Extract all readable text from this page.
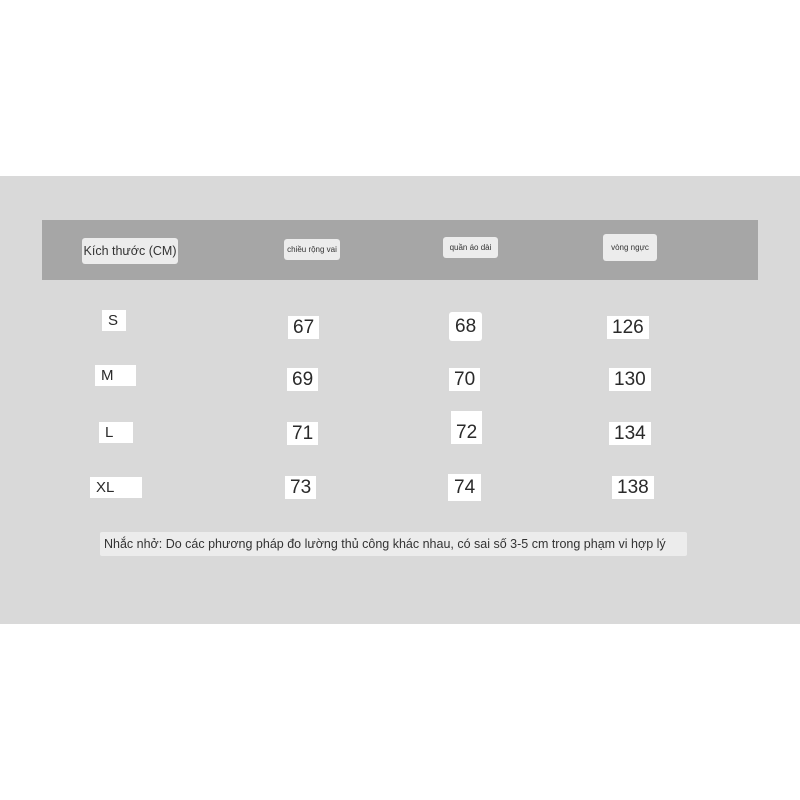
Kích thước (CM)	chiều rộng vai	quần áo dài	vòng ngực
S	67	68	126
M	69	70	130
L	71	72	134
XL	73	74	138
Nhắc nhở: Do các phương pháp đo lường thủ công khác nhau, có sai số 3-5 cm trong phạm vi hợp lý
